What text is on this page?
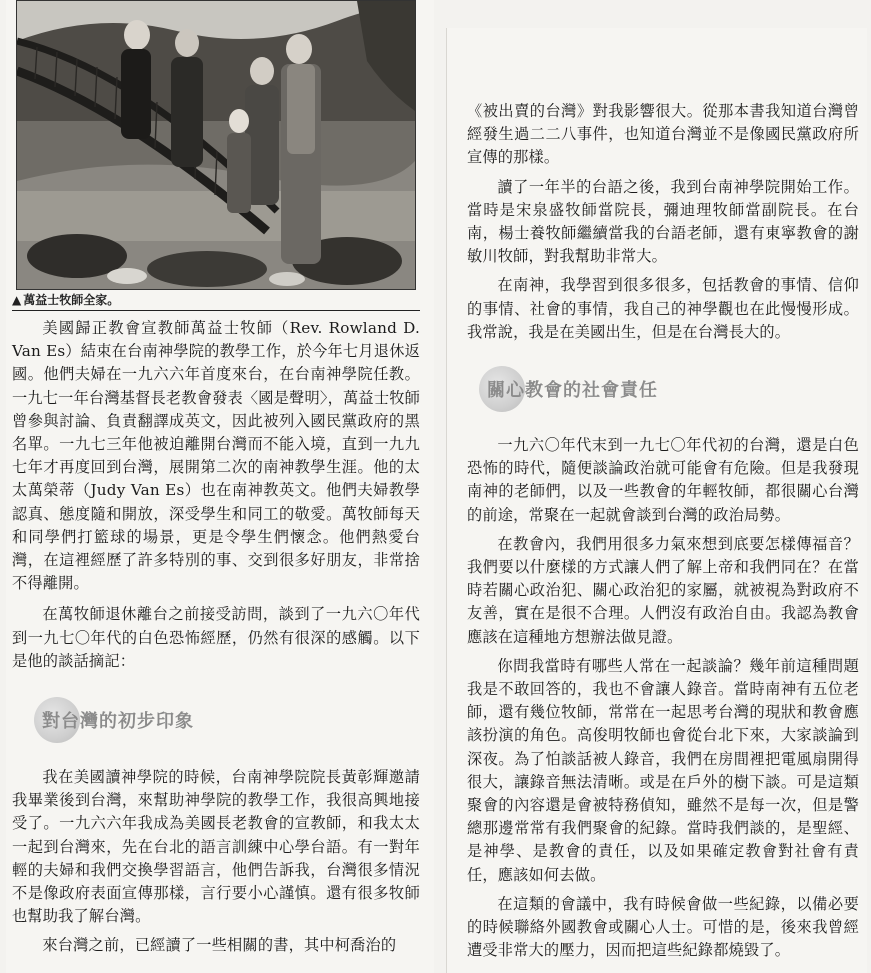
▲ 萬益士牧師全家。

美國歸正教會宣教師萬益士牧師（Rev. Rowland D. Van Es）結束在台南神學院的教學工作，於今年七月退休返國。他們夫婦在一九六六年首度來台，在台南神學院任教。一九七一年台灣基督長老教會發表〈國是聲明〉，萬益士牧師曾參與討論、負責翻譯成英文，因此被列入國民黨政府的黑名單。一九七三年他被迫離開台灣而不能入境，直到一九九七年才再度回到台灣，展開第二次的南神教學生涯。他的太太萬榮蒂（Judy Van Es）也在南神教英文。他們夫婦教學認真、態度隨和開放，深受學生和同工的敬愛。萬牧師每天和同學們打籃球的場景，更是令學生們懷念。他們熱愛台灣，在這裡經歷了許多特別的事、交到很多好朋友，非常捨不得離開。

在萬牧師退休離台之前接受訪問，談到了一九六〇年代到一九七〇年代的白色恐怖經歷，仍然有很深的感觸。以下是他的談話摘記：

對台灣的初步印象

我在美國讀神學院的時候，台南神學院院長黃彰輝邀請我畢業後到台灣，來幫助神學院的教學工作，我很高興地接受了。一九六六年我成為美國長老教會的宣教師，和我太太一起到台灣來，先在台北的語言訓練中心學台語。有一對年輕的夫婦和我們交換學習語言，他們告訴我，台灣很多情況不是像政府表面宣傳那樣，言行要小心謹慎。還有很多牧師也幫助我了解台灣。

來台灣之前，已經讀了一些相關的書，其中柯喬治的

《被出賣的台灣》對我影響很大。從那本書我知道台灣曾經發生過二二八事件，也知道台灣並不是像國民黨政府所宣傳的那樣。

讀了一年半的台語之後，我到台南神學院開始工作。當時是宋泉盛牧師當院長，彌迪理牧師當副院長。在台南，楊士養牧師繼續當我的台語老師，還有東寧教會的謝敏川牧師，對我幫助非常大。

在南神，我學習到很多很多，包括教會的事情、信仰的事情、社會的事情，我自己的神學觀也在此慢慢形成。我常說，我是在美國出生，但是在台灣長大的。

關心教會的社會責任

一九六〇年代末到一九七〇年代初的台灣，還是白色恐怖的時代，隨便談論政治就可能會有危險。但是我發現南神的老師們，以及一些教會的年輕牧師，都很關心台灣的前途，常聚在一起就會談到台灣的政治局勢。

在教會內，我們用很多力氣來想到底要怎樣傳福音？我們要以什麼樣的方式讓人們了解上帝和我們同在？在當時若關心政治犯、關心政治犯的家屬，就被視為對政府不友善，實在是很不合理。人們沒有政治自由。我認為教會應該在這種地方想辦法做見證。

你問我當時有哪些人常在一起談論？幾年前這種問題我是不敢回答的，我也不會讓人錄音。當時南神有五位老師，還有幾位牧師，常常在一起思考台灣的現狀和教會應該扮演的角色。高俊明牧師也會從台北下來，大家談論到深夜。為了怕談話被人錄音，我們在房間裡把電風扇開得很大，讓錄音無法清晰。或是在戶外的樹下談。可是這類聚會的內容還是會被特務偵知，雖然不是每一次，但是警總那邊常常有我們聚會的紀錄。當時我們談的，是聖經、是神學、是教會的責任，以及如果確定教會對社會有責任，應該如何去做。

在這類的會議中，我有時候會做一些紀錄，以備必要的時候聯絡外國教會或關心人士。可惜的是，後來我曾經遭受非常大的壓力，因而把這些紀錄都燒毀了。
